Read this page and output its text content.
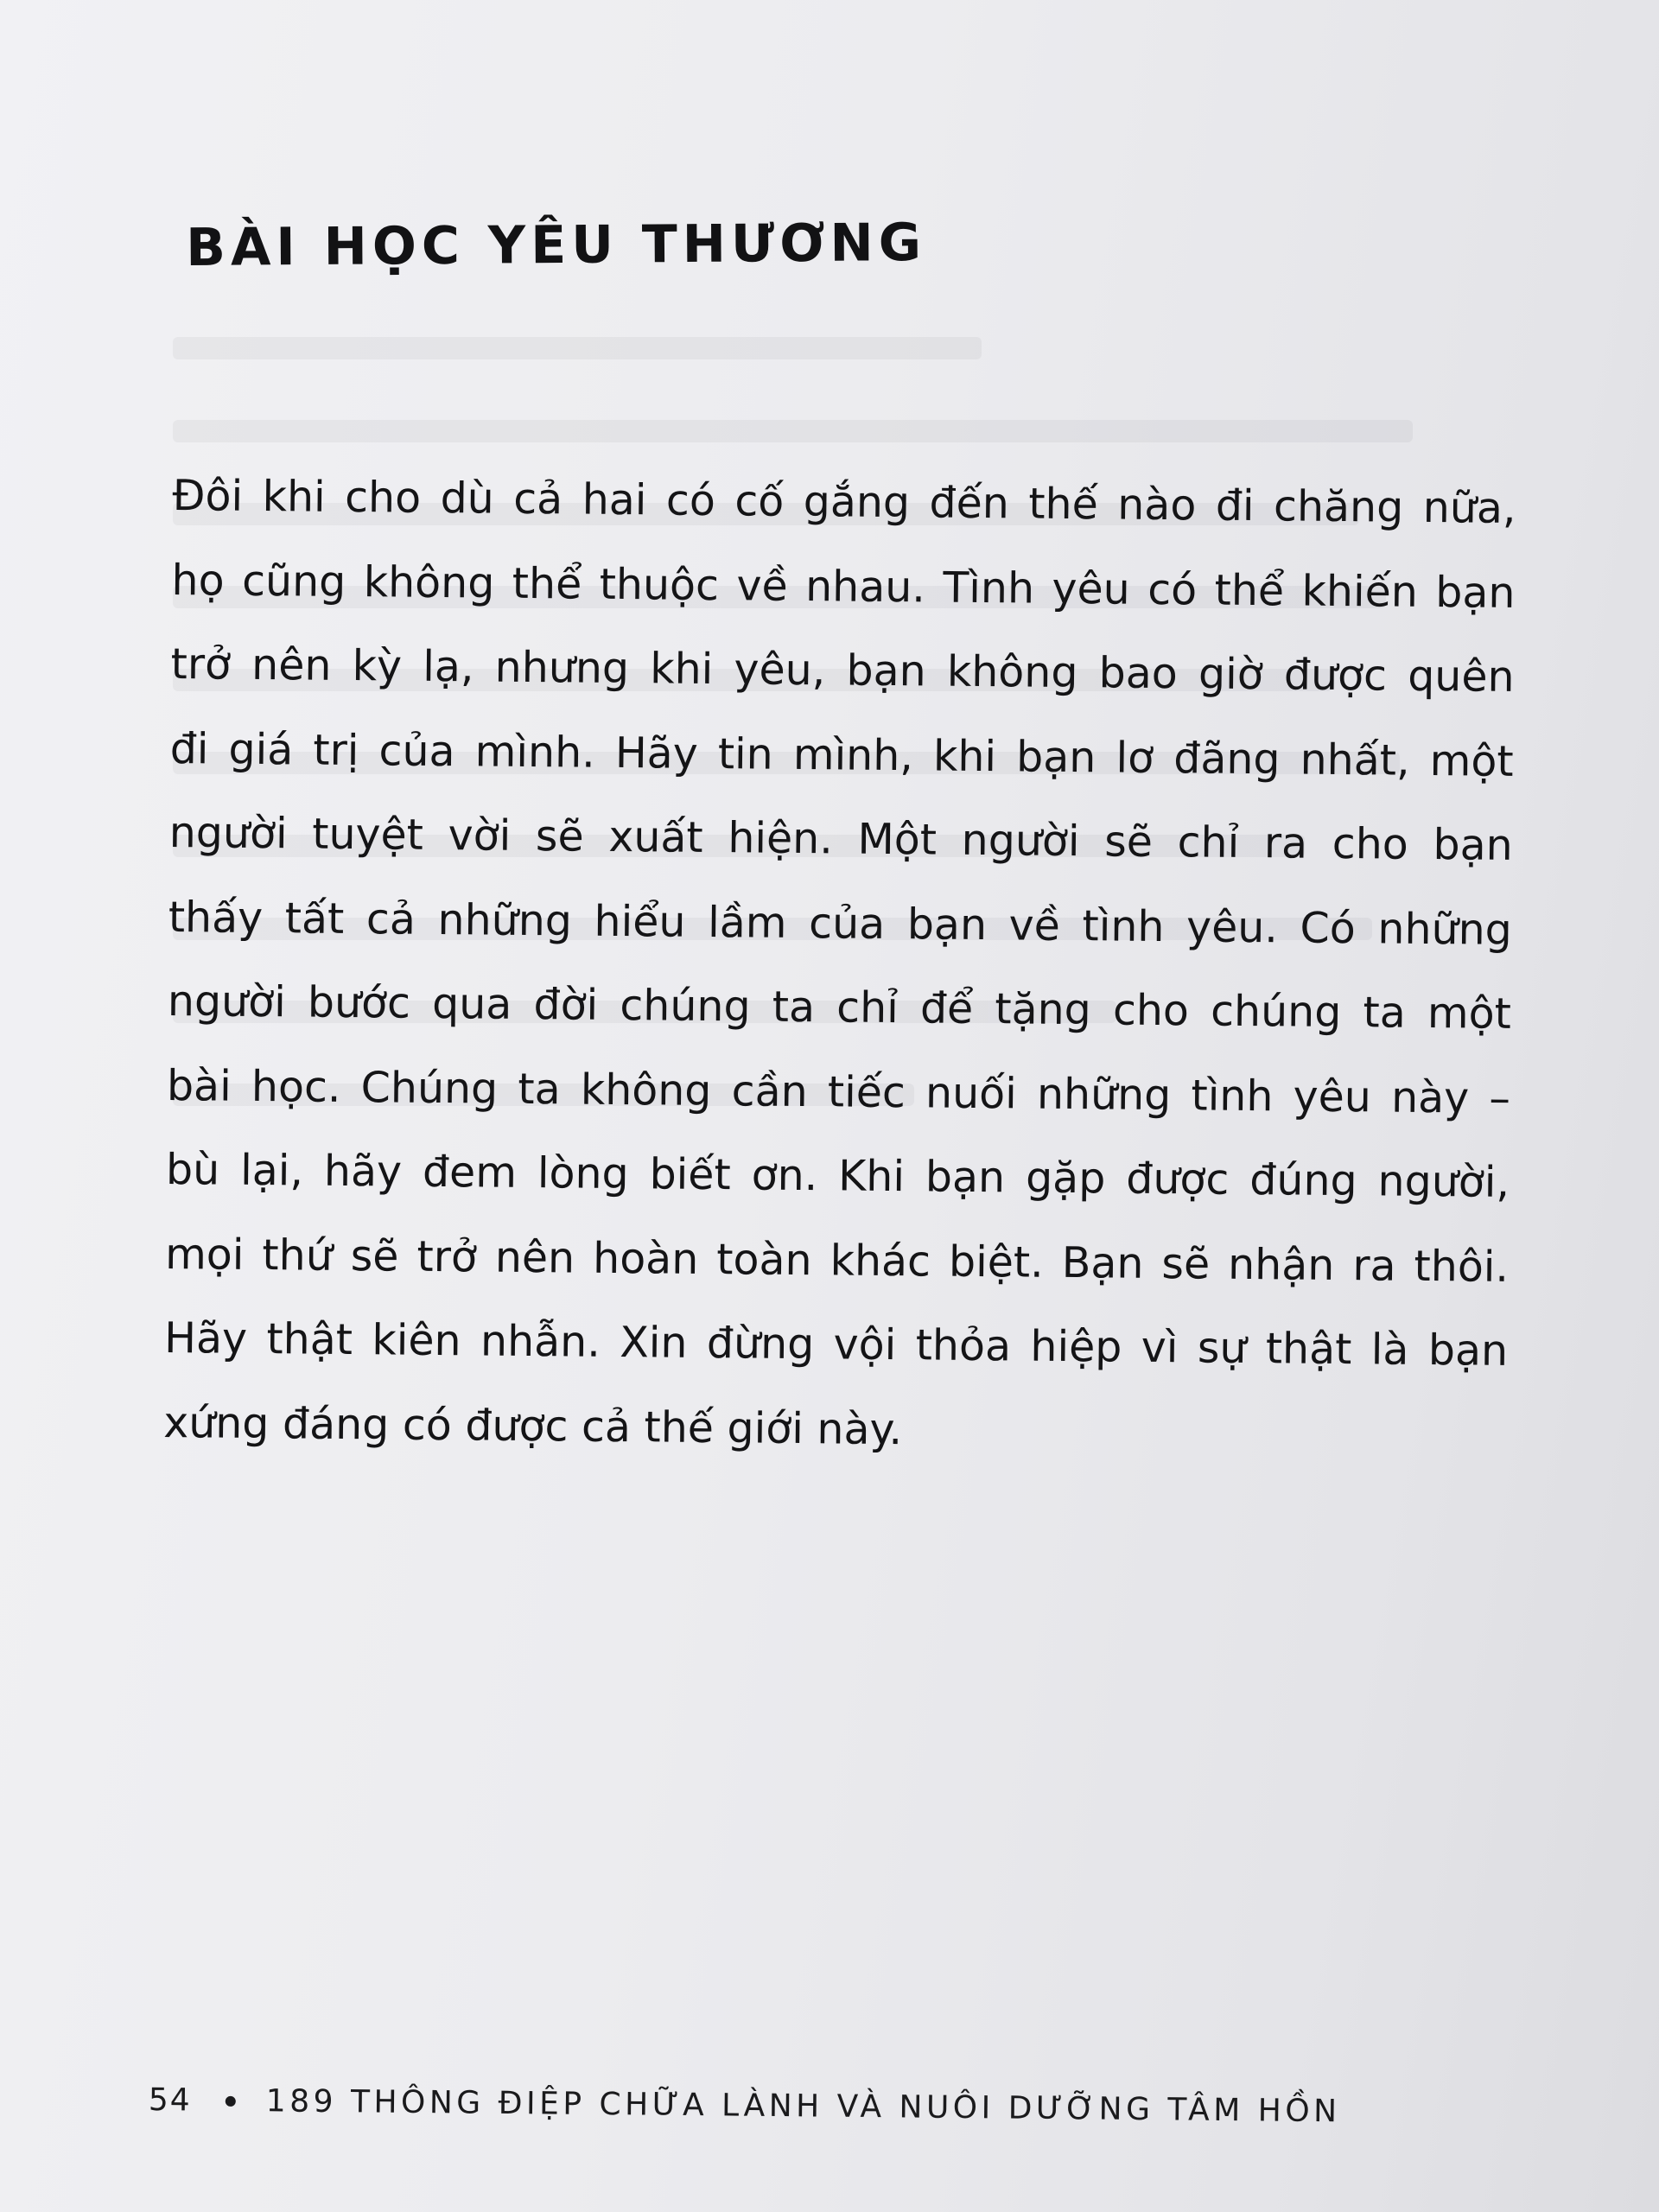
BÀI HỌC YÊU THƯƠNG
Đôi khi cho dù cả hai có cố gắng đến thế nào đi chăng nữa,
họ cũng không thể thuộc về nhau. Tình yêu có thể khiến bạn
trở nên kỳ lạ, nhưng khi yêu, bạn không bao giờ được quên
đi giá trị của mình. Hãy tin mình, khi bạn lơ đãng nhất, một
người tuyệt vời sẽ xuất hiện. Một người sẽ chỉ ra cho bạn
thấy tất cả những hiểu lầm của bạn về tình yêu. Có những
người bước qua đời chúng ta chỉ để tặng cho chúng ta một
bài học. Chúng ta không cần tiếc nuối những tình yêu này –
bù lại, hãy đem lòng biết ơn. Khi bạn gặp được đúng người,
mọi thứ sẽ trở nên hoàn toàn khác biệt. Bạn sẽ nhận ra thôi.
Hãy thật kiên nhẫn. Xin đừng vội thỏa hiệp vì sự thật là bạn
xứng đáng có được cả thế giới này.
54 189 THÔNG ĐIỆP CHỮA LÀNH VÀ NUÔI DƯỠNG TÂM HỒN
